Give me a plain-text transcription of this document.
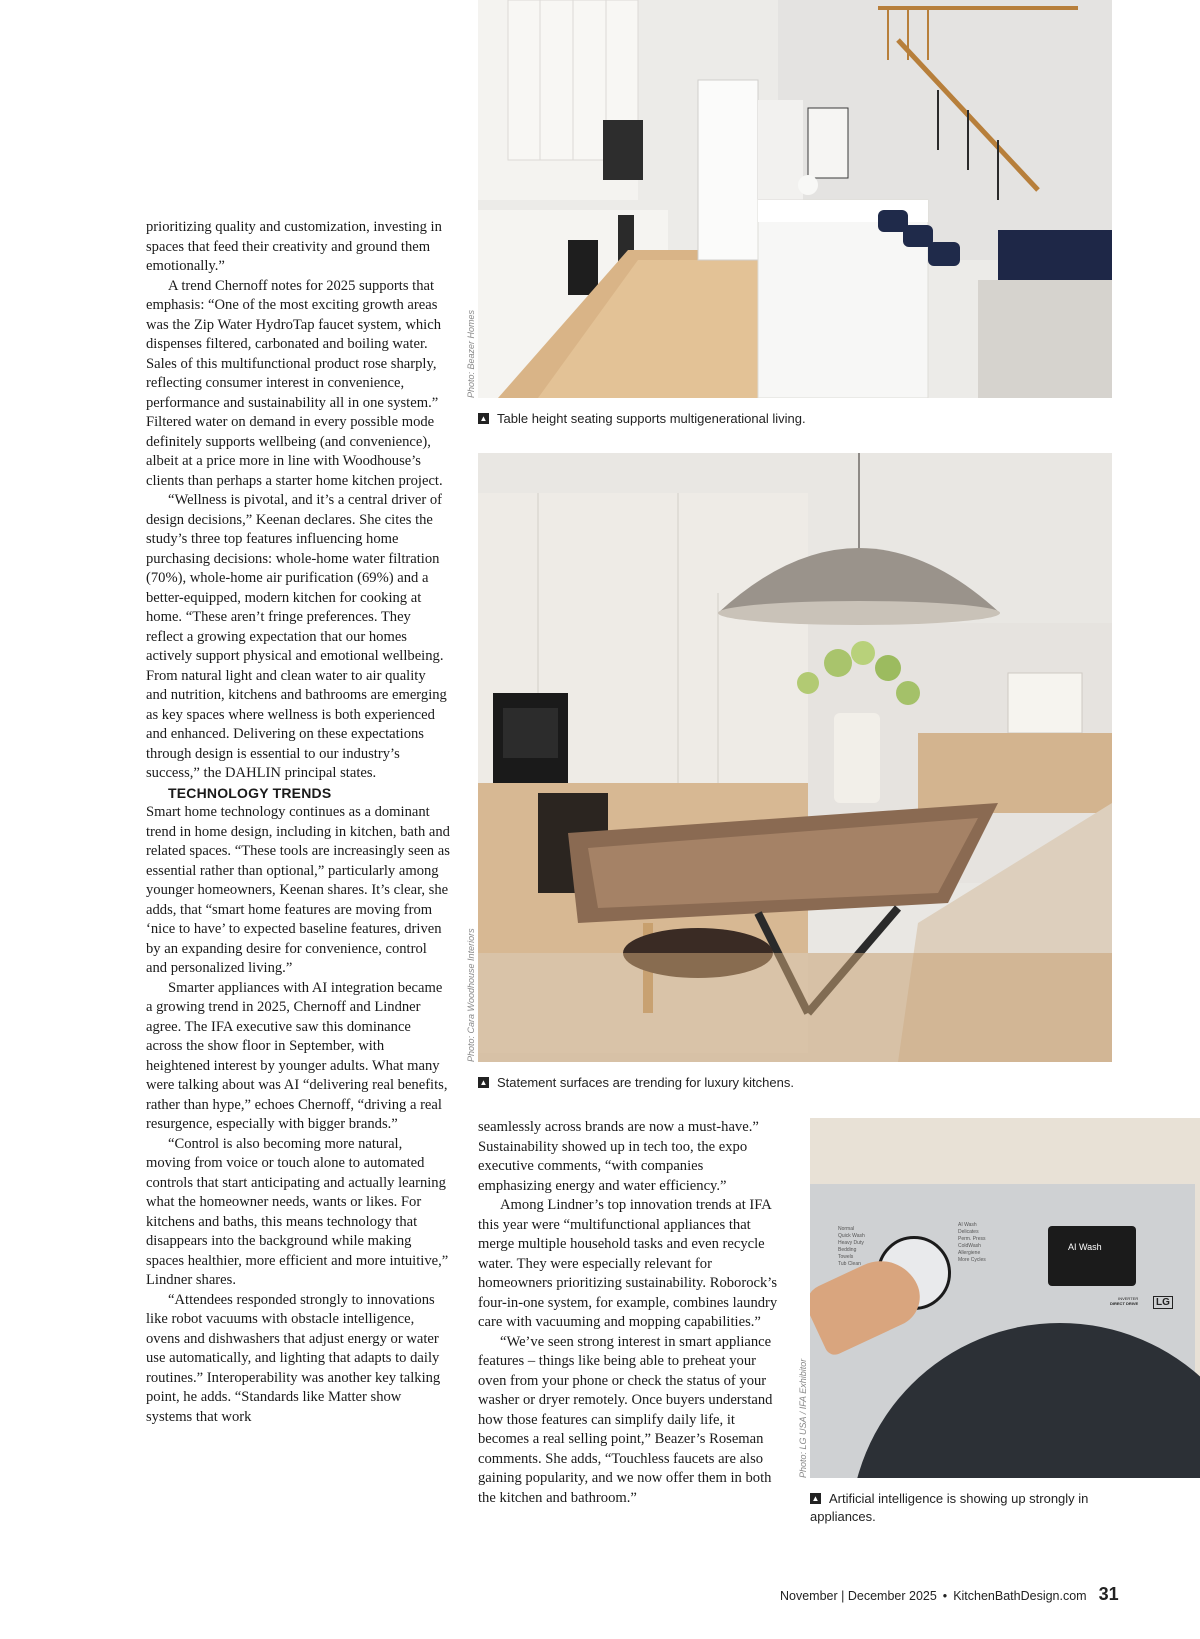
prioritizing quality and customization, investing in spaces that feed their creativity and ground them emotionally.”

A trend Chernoff notes for 2025 supports that emphasis: “One of the most exciting growth areas was the Zip Water HydroTap faucet system, which dispenses filtered, carbonated and boiling water. Sales of this multifunctional product rose sharply, reflecting consumer interest in convenience, performance and sustainability all in one system.” Filtered water on demand in every possible mode definitely supports wellbeing (and convenience), albeit at a price more in line with Woodhouse’s clients than perhaps a starter home kitchen project.

“Wellness is pivotal, and it’s a central driver of design decisions,” Keenan declares. She cites the study’s three top features influencing home purchasing decisions: whole-home water filtration (70%), whole-home air purification (69%) and a better-equipped, modern kitchen for cooking at home. “These aren’t fringe preferences. They reflect a growing expectation that our homes actively support physical and emotional wellbeing. From natural light and clean water to air quality and nutrition, kitchens and bathrooms are emerging as key spaces where wellness is both experienced and enhanced. Delivering on these expectations through design is essential to our industry’s success,” the DAHLIN principal states.

TECHNOLOGY TRENDS

Smart home technology continues as a dominant trend in home design, including in kitchen, bath and related spaces. “These tools are increasingly seen as essential rather than optional,” particularly among younger homeowners, Keenan shares. It’s clear, she adds, that “smart home features are moving from ‘nice to have’ to expected baseline features, driven by an expanding desire for convenience, control and personalized living.”

Smarter appliances with AI integration became a growing trend in 2025, Chernoff and Lindner agree. The IFA executive saw this dominance across the show floor in September, with heightened interest by younger adults. What many were talking about was AI “delivering real benefits, rather than hype,” echoes Chernoff, “driving a real resurgence, especially with bigger brands.”

“Control is also becoming more natural, moving from voice or touch alone to automated controls that start anticipating and actually learning what the homeowner needs, wants or likes. For kitchens and baths, this means technology that disappears into the background while making spaces healthier, more efficient and more intuitive,” Lindner shares.

“Attendees responded strongly to innovations like robot vacuums with obstacle intelligence, ovens and dishwashers that adjust energy or water use automatically, and lighting that adapts to daily routines.” Interoperability was another key talking point, he adds. “Standards like Matter show systems that work

Photo: Beazer Homes
▲ Table height seating supports multigenerational living.
Photo: Cara Woodhouse Interiors
▲ Statement surfaces are trending for luxury kitchens.

seamlessly across brands are now a must-have.” Sustainability showed up in tech too, the expo executive comments, “with companies emphasizing energy and water efficiency.”

Among Lindner’s top innovation trends at IFA this year were “multifunctional appliances that merge multiple household tasks and even recycle water. They were especially relevant for homeowners prioritizing sustainability. Roborock’s four-in-one system, for example, combines laundry care with vacuuming and mopping capabilities.”

“We’ve seen strong interest in smart appliance features – things like being able to preheat your oven from your phone or check the status of your washer or dryer remotely. Once buyers understand how those features can simplify daily life, it becomes a real selling point,” Beazer’s Roseman comments. She adds, “Touchless faucets are also gaining popularity, and we now offer them in both the kitchen and bathroom.”

Normal
Quick Wash
Heavy Duty
Bedding
Towels
Tub Clean
AI Wash
Delicates
Perm. Press
ColdWash
Allergiene
More Cycles
AI Wash
INVERTER
DIRECT DRIVE	LG
Photo: LG USA / IFA Exhibitor
▲ Artificial intelligence is showing up strongly in appliances.
November | December 2025 • KitchenBathDesign.com 31
